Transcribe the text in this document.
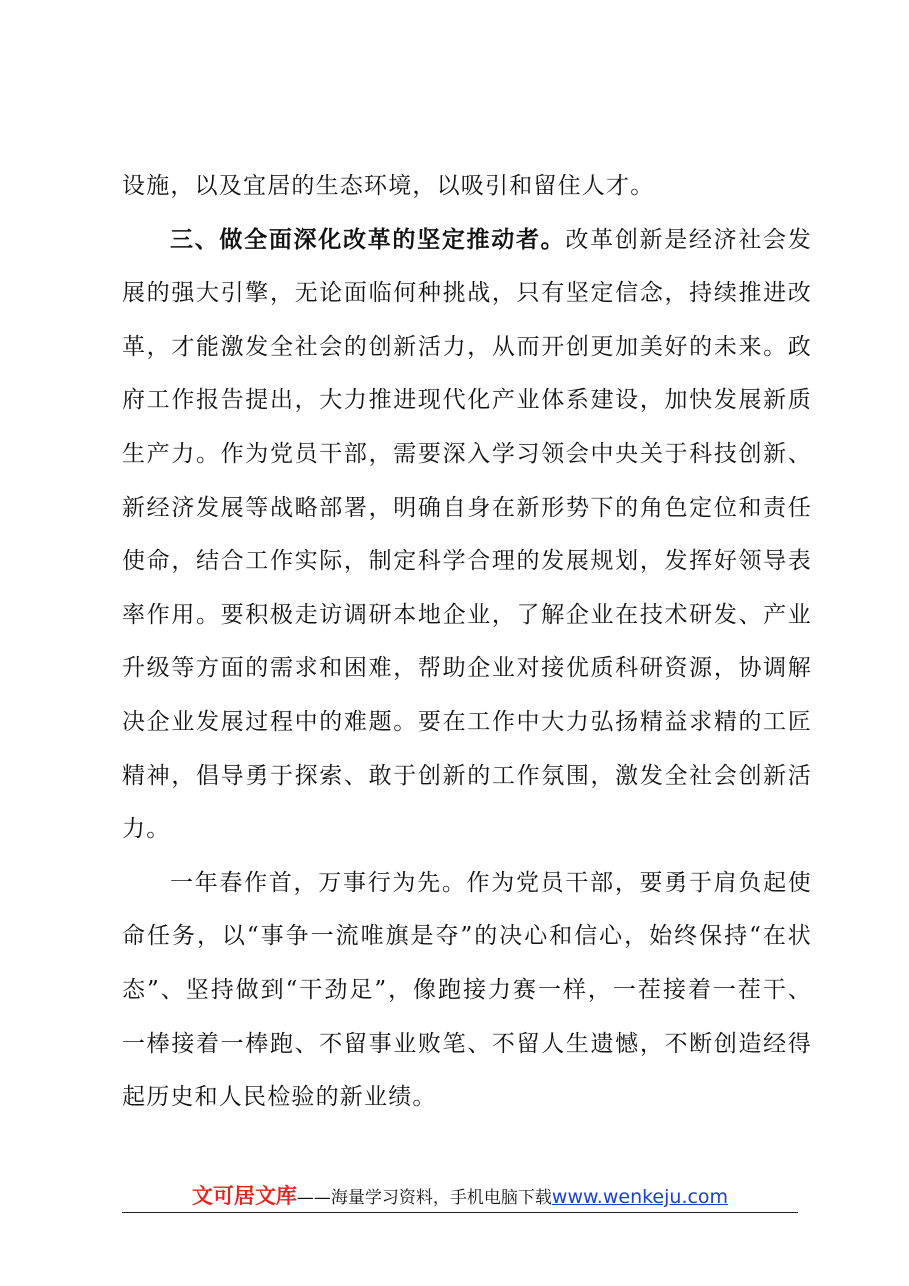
设施，以及宜居的生态环境，以吸引和留住人才。

三、做全面深化改革的坚定推动者。改革创新是经济社会发展的强大引擎，无论面临何种挑战，只有坚定信念，持续推进改革，才能激发全社会的创新活力，从而开创更加美好的未来。政府工作报告提出，大力推进现代化产业体系建设，加快发展新质生产力。作为党员干部，需要深入学习领会中央关于科技创新、新经济发展等战略部署，明确自身在新形势下的角色定位和责任使命，结合工作实际，制定科学合理的发展规划，发挥好领导表率作用。要积极走访调研本地企业，了解企业在技术研发、产业升级等方面的需求和困难，帮助企业对接优质科研资源，协调解决企业发展过程中的难题。要在工作中大力弘扬精益求精的工匠精神，倡导勇于探索、敢于创新的工作氛围，激发全社会创新活力。

一年春作首，万事行为先。作为党员干部，要勇于肩负起使命任务，以“事争一流唯旗是夺”的决心和信心，始终保持“在状态”、坚持做到“干劲足”，像跑接力赛一样，一茬接着一茬干、一棒接着一棒跑、不留事业败笔、不留人生遗憾，不断创造经得起历史和人民检验的新业绩。

文可居文库——海量学习资料，手机电脑下载www.wenkeju.com
